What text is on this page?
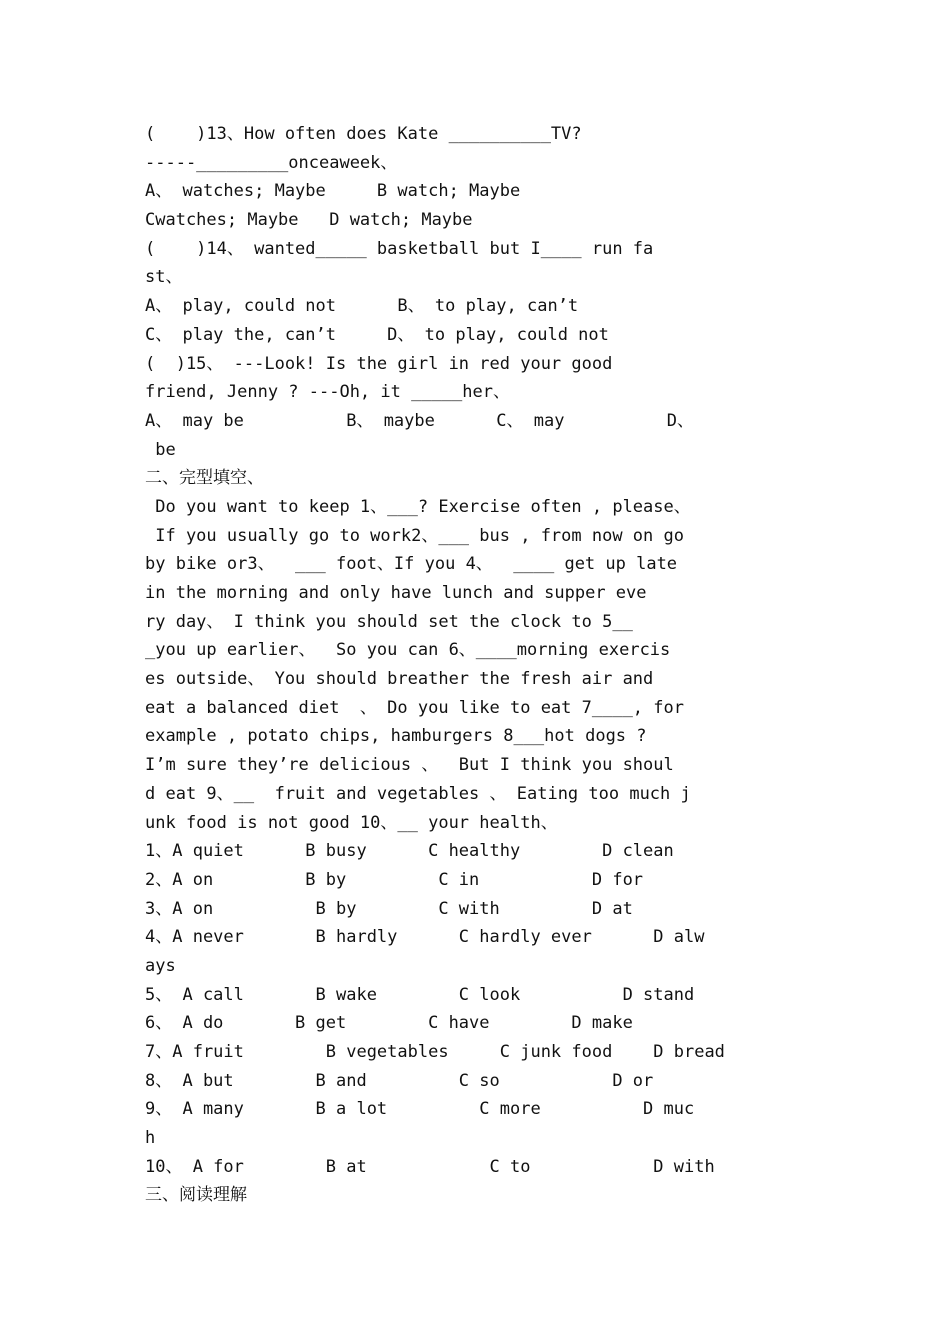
(    )13、How often does Kate __________TV?
-----_________onceaweek、
A、 watches; Maybe     B watch; Maybe
Cwatches; Maybe   D watch; Maybe
(    )14、 wanted_____ basketball but I____ run fa
st、
A、 play, could not      B、 to play, can’t
C、 play the, can’t     D、 to play, could not
(  )15、 ---Look! Is the girl in red your good
friend, Jenny ? ---Oh, it _____her、
A、 may be          B、 maybe      C、 may          D、
be
二、完型填空、
Do you want to keep 1、___? Exercise often , please、
If you usually go to work2、___ bus , from now on go
by bike or3、  ___ foot、If you 4、  ____ get up late
in the morning and only have lunch and supper eve
ry day、 I think you should set the clock to 5__
_you up earlier、  So you can 6、____morning exercis
es outside、 You should breather the fresh air and
eat a balanced diet  、 Do you like to eat 7____, for
example , potato chips, hamburgers 8___hot dogs ?
I’m sure they’re delicious 、  But I think you shoul
d eat 9、__  fruit and vegetables 、 Eating too much j
unk food is not good 10、__ your health、
1、A quiet      B busy      C healthy        D clean
2、A on         B by         C in           D for
3、A on          B by        C with         D at
4、A never       B hardly      C hardly ever      D alw
ays
5、 A call       B wake        C look          D stand
6、 A do       B get        C have        D make
7、A fruit        B vegetables     C junk food    D bread
8、 A but        B and         C so           D or
9、 A many       B a lot         C more          D muc
h
10、 A for        B at            C to            D with
三、阅读理解
